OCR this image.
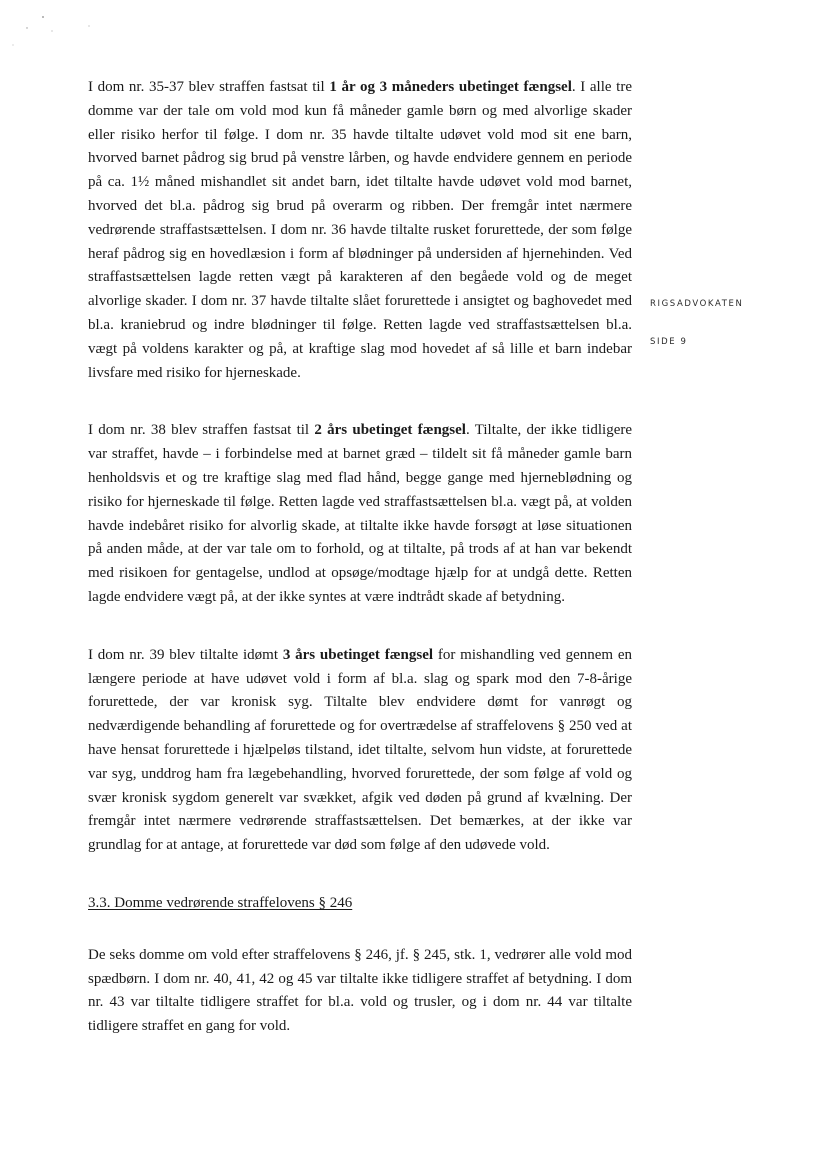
I dom nr. 35-37 blev straffen fastsat til 1 år og 3 måneders ubetinget fængsel. I alle tre domme var der tale om vold mod kun få måneder gamle børn og med alvorlige skader eller risiko herfor til følge. I dom nr. 35 havde tiltalte udøvet vold mod sit ene barn, hvorved barnet pådrog sig brud på venstre lårben, og havde endvidere gennem en periode på ca. 1½ måned mishandlet sit andet barn, idet tiltalte havde udøvet vold mod barnet, hvorved det bl.a. pådrog sig brud på overarm og ribben. Der fremgår intet nærmere vedrørende straffastsættelsen. I dom nr. 36 havde tiltalte rusket forurettede, der som følge heraf pådrog sig en hovedlæsion i form af blødninger på undersiden af hjernehinden. Ved straffastsættelsen lagde retten vægt på karakteren af den begåede vold og de meget alvorlige skader. I dom nr. 37 havde tiltalte slået forurettede i ansigtet og baghovedet med bl.a. kraniebrud og indre blødninger til følge. Retten lagde ved straffastsættelsen bl.a. vægt på voldens karakter og på, at kraftige slag mod hovedet af så lille et barn indebar livsfare med risiko for hjerneskade.

I dom nr. 38 blev straffen fastsat til 2 års ubetinget fængsel. Tiltalte, der ikke tidligere var straffet, havde – i forbindelse med at barnet græd – tildelt sit få måneder gamle barn henholdsvis et og tre kraftige slag med flad hånd, begge gange med hjerneblødning og risiko for hjerneskade til følge. Retten lagde ved straffastsættelsen bl.a. vægt på, at volden havde indebåret risiko for alvorlig skade, at tiltalte ikke havde forsøgt at løse situationen på anden måde, at der var tale om to forhold, og at tiltalte, på trods af at han var bekendt med risikoen for gentagelse, undlod at opsøge/modtage hjælp for at undgå dette. Retten lagde endvidere vægt på, at der ikke syntes at være indtrådt skade af betydning.

I dom nr. 39 blev tiltalte idømt 3 års ubetinget fængsel for mishandling ved gennem en længere periode at have udøvet vold i form af bl.a. slag og spark mod den 7-8-årige forurettede, der var kronisk syg. Tiltalte blev endvidere dømt for vanrøgt og nedværdigende behandling af forurettede og for overtrædelse af straffelovens § 250 ved at have hensat forurettede i hjælpeløs tilstand, idet tiltalte, selvom hun vidste, at forurettede var syg, unddrog ham fra lægebehandling, hvorved forurettede, der som følge af vold og svær kronisk sygdom generelt var svækket, afgik ved døden på grund af kvælning. Der fremgår intet nærmere vedrørende straffastsættelsen. Det bemærkes, at der ikke var grundlag for at antage, at forurettede var død som følge af den udøvede vold.

3.3. Domme vedrørende straffelovens § 246

De seks domme om vold efter straffelovens § 246, jf. § 245, stk. 1, vedrører alle vold mod spædbørn. I dom nr. 40, 41, 42 og 45 var tiltalte ikke tidligere straffet af betydning. I dom nr. 43 var tiltalte tidligere straffet for bl.a. vold og trusler, og i dom nr. 44 var tiltalte tidligere straffet en gang for vold.

RIGSADVOKATEN
SIDE 9
